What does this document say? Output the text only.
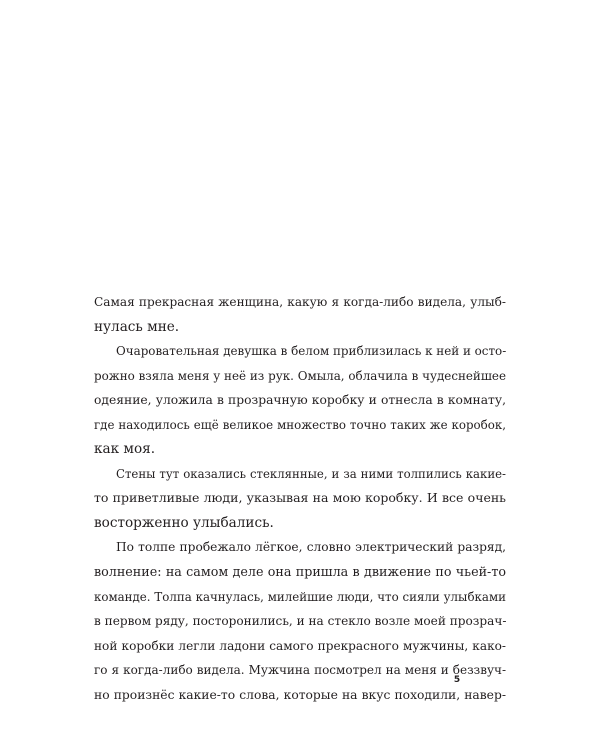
Самая прекрасная женщина, какую я когда-либо видела, улыб-
нулась мне.
Очаровательная девушка в белом приблизилась к ней и осто-
рожно взяла меня у неё из рук. Омыла, облачила в чудеснейшее
одеяние, уложила в прозрачную коробку и отнесла в комнату,
где находилось ещё великое множество точно таких же коробок,
как моя.
Стены тут оказались стеклянные, и за ними толпились какие-
то приветливые люди, указывая на мою коробку. И все очень
восторженно улыбались.
По толпе пробежало лёгкое, словно электрический разряд,
волнение: на самом деле она пришла в движение по чьей-то
команде. Толпа качнулась, милейшие люди, что сияли улыбками
в первом ряду, посторонились, и на стекло возле моей прозрач-
ной коробки легли ладони самого прекрасного мужчины, како-
го я когда-либо видела. Мужчина посмотрел на меня и беззвуч-
но произнёс какие-то слова, которые на вкус походили, навер-
5
